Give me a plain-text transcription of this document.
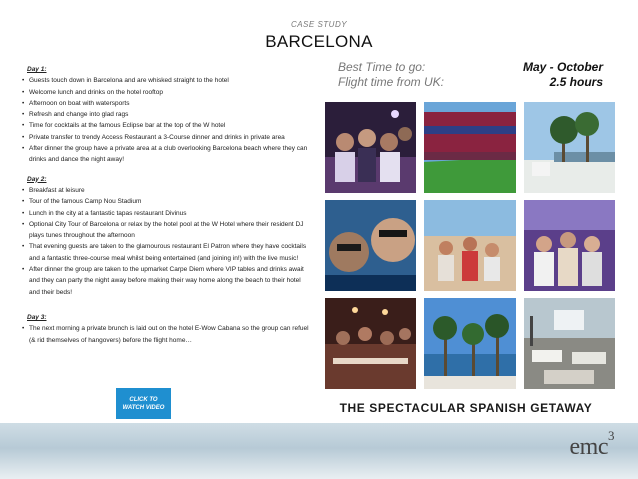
CASE STUDY
BARCELONA
Day 1:
• Guests touch down in Barcelona and are whisked straight to the hotel
• Welcome lunch and drinks on the hotel rooftop
• Afternoon on boat with watersports
• Refresh and change into glad rags
• Time for cocktails at the famous Eclipse bar at the top of the W hotel
• Private transfer to trendy Access Restaurant a 3-Course dinner and drinks in private area
• After dinner the group have a private area at a club overlooking Barcelona beach where they can drinks and dance the night away!
Day 2:
• Breakfast at leisure
• Tour of the famous Camp Nou Stadium
• Lunch in the city at a fantastic tapas restaurant Divinus
• Optional City Tour of Barcelona or relax by the hotel pool at the W Hotel where their resident DJ plays tunes throughout the afternoon
• That evening guests are taken to the glamourous restaurant El Patron where they have cocktails and a fantastic three-course meal whilst being entertained (and joining in!) with the live music!
• After dinner the group are taken to the upmarket Carpe Diem where VIP tables and drinks await and they can party the night away before making their way home along the beach to their hotel and their beds!
Day 3:
• The next morning a private brunch is laid out on the hotel E-Wow Cabana so the group can refuel (& rid themselves of hangovers) before the flight home…
CLICK TO
WATCH VIDEO
Best Time to go:	May - October
Flight time from UK:	2.5 hours
THE SPECTACULAR SPANISH GETAWAY
emc$^3$
